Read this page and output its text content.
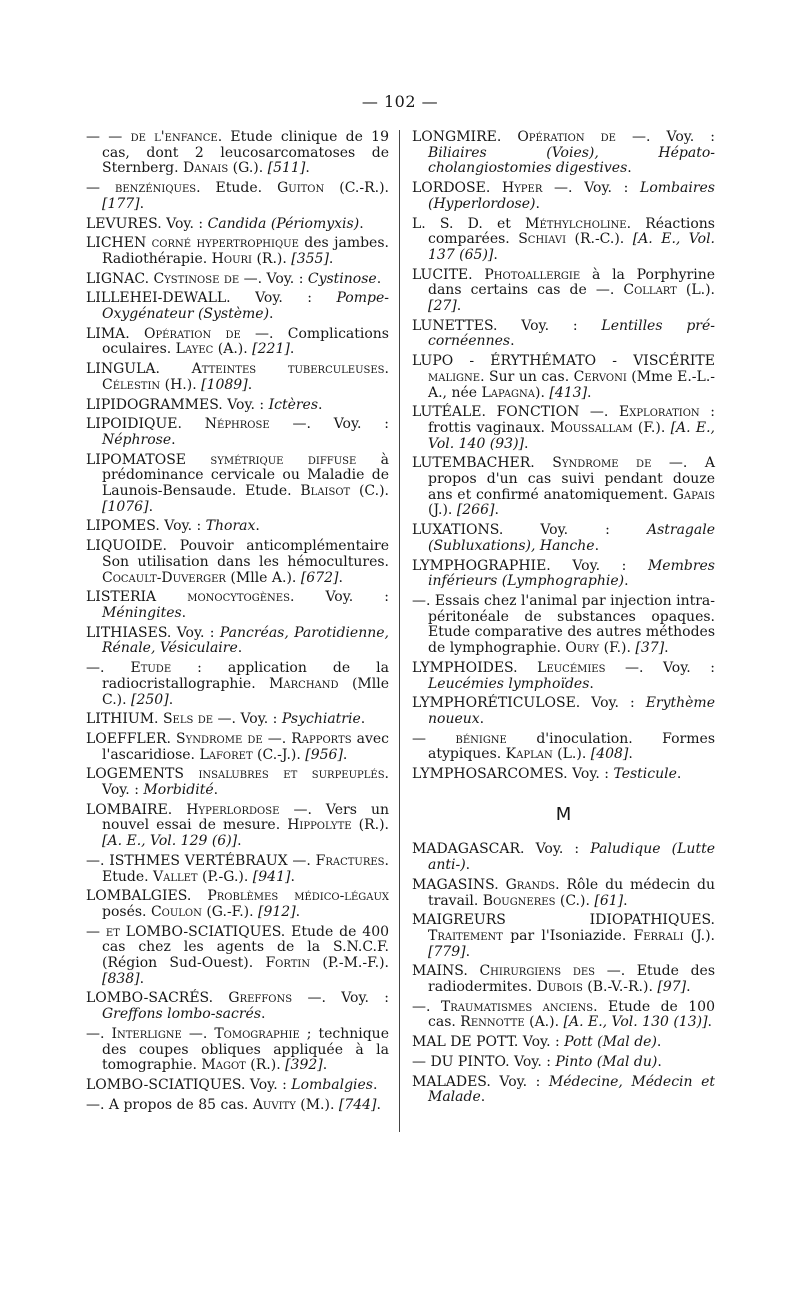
— 102 —
— — de l'enfance. Etude clinique de 19 cas, dont 2 leucosarcomatoses de Sternberg. Danais (G.). [511].
— benzéniques. Etude. Guiton (C.-R.). [177].
LEVURES. Voy. : Candida (Périomyxis).
LICHEN corné hypertrophique des jambes. Radiothérapie. Houri (R.). [355].
LIGNAC. Cystinose de —. Voy. : Cystinose.
LILLEHEI-DEWALL. Voy. : Pompe-Oxygénateur (Système).
LIMA. Opération de —. Complications oculaires. Layec (A.). [221].
LINGULA. Atteintes tuberculeuses. Célestin (H.). [1089].
LIPIDOGRAMMES. Voy. : Ictères.
LIPOIDIQUE. Néphrose —. Voy. : Néphrose.
LIPOMATOSE symétrique diffuse à prédominance cervicale ou Maladie de Launois-Bensaude. Etude. Blaisot (C.). [1076].
LIPOMES. Voy. : Thorax.
LIQUOIDE. Pouvoir anticomplémentaire Son utilisation dans les hémocultures. Cocault-Duverger (Mlle A.). [672].
LISTERIA monocytogènes. Voy. : Méningites.
LITHIASES. Voy. : Pancréas, Parotidienne, Rénale, Vésiculaire.
—. Etude : application de la radiocristallographie. Marchand (Mlle C.). [250].
LITHIUM. Sels de —. Voy. : Psychiatrie.
LOEFFLER. Syndrome de —. Rapports avec l'ascaridiose. Laforet (C.-J.). [956].
LOGEMENTS insalubres et surpeuplés. Voy. : Morbidité.
LOMBAIRE. Hyperlordose —. Vers un nouvel essai de mesure. Hippolyte (R.). [A. E., Vol. 129 (6)].
—. ISTHMES VERTÉBRAUX —. Fractures. Etude. Vallet (P.-G.). [941].
LOMBALGIES. Problèmes médico-légaux posés. Coulon (G.-F.). [912].
— et LOMBO-SCIATIQUES. Etude de 400 cas chez les agents de la S.N.C.F. (Région Sud-Ouest). Fortin (P.-M.-F.). [838].
LOMBO-SACRÉS. Greffons —. Voy. : Greffons lombo-sacrés.
—. Interligne —. Tomographie ; technique des coupes obliques appliquée à la tomographie. Magot (R.). [392].
LOMBO-SCIATIQUES. Voy. : Lombalgies.
—. A propos de 85 cas. Auvity (M.). [744].
LONGMIRE. Opération de —. Voy. : Biliaires (Voies), Hépato-cholangiostomies digestives.
LORDOSE. Hyper —. Voy. : Lombaires (Hyperlordose).
L. S. D. et Méthylcholine. Réactions comparées. Schiavi (R.-C.). [A. E., Vol. 137 (65)].
LUCITE. Photoallergie à la Porphyrine dans certains cas de —. Collart (L.). [27].
LUNETTES. Voy. : Lentilles pré-cornéennes.
LUPO - ÉRYTHÉMATO - VISCÉRITE maligne. Sur un cas. Cervoni (Mme E.-L.-A., née Lapagna). [413].
LUTÉALE. FONCTION —. Exploration : frottis vaginaux. Moussallam (F.). [A. E., Vol. 140 (93)].
LUTEMBACHER. Syndrome de —. A propos d'un cas suivi pendant douze ans et confirmé anatomiquement. Gapais (J.). [266].
LUXATIONS. Voy. : Astragale (Subluxations), Hanche.
LYMPHOGRAPHIE. Voy. : Membres inférieurs (Lymphographie).
—. Essais chez l'animal par injection intra-péritonéale de substances opaques. Etude comparative des autres méthodes de lymphographie. Oury (F.). [37].
LYMPHOIDES. Leucémies —. Voy. : Leucémies lymphoïdes.
LYMPHORÉTICULOSE. Voy. : Erythème noueux.
— bénigne d'inoculation. Formes atypiques. Kaplan (L.). [408].
LYMPHOSARCOMES. Voy. : Testicule.
M
MADAGASCAR. Voy. : Paludique (Lutte anti-).
MAGASINS. Grands. Rôle du médecin du travail. Bougneres (C.). [61].
MAIGREURS IDIOPATHIQUES. Traitement par l'Isoniazide. Ferrali (J.). [779].
MAINS. Chirurgiens des —. Etude des radiodermites. Dubois (B.-V.-R.). [97].
—. Traumatismes anciens. Etude de 100 cas. Rennotte (A.). [A. E., Vol. 130 (13)].
MAL DE POTT. Voy. : Pott (Mal de).
— DU PINTO. Voy. : Pinto (Mal du).
MALADES. Voy. : Médecine, Médecin et Malade.
